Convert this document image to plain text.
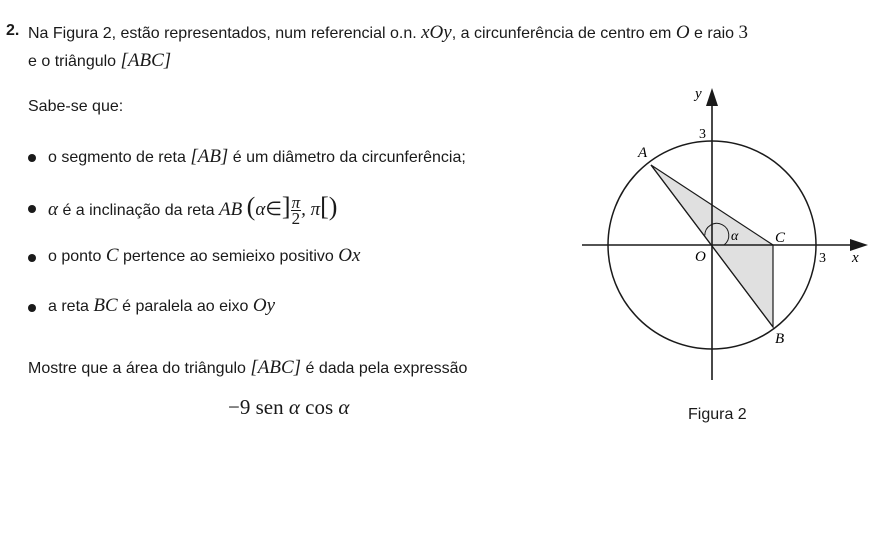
2. Na Figura 2, estão representados, num referencial o.n. xOy, a circunferência de centro em O e raio 3
e o triângulo [ABC]
Sabe-se que:
o segmento de reta [AB] é um diâmetro da circunferência;
α é a inclinação da reta AB (α∈] $\frac{\pi}{2}$ , π[)
o ponto C pertence ao semieixo positivo Ox
a reta BC é paralela ao eixo Oy
Mostre que a área do triângulo [ABC] é dada pela expressão
−9 sen α cos α
y
3
x
3
O
A
B
C
α
Figura 2
